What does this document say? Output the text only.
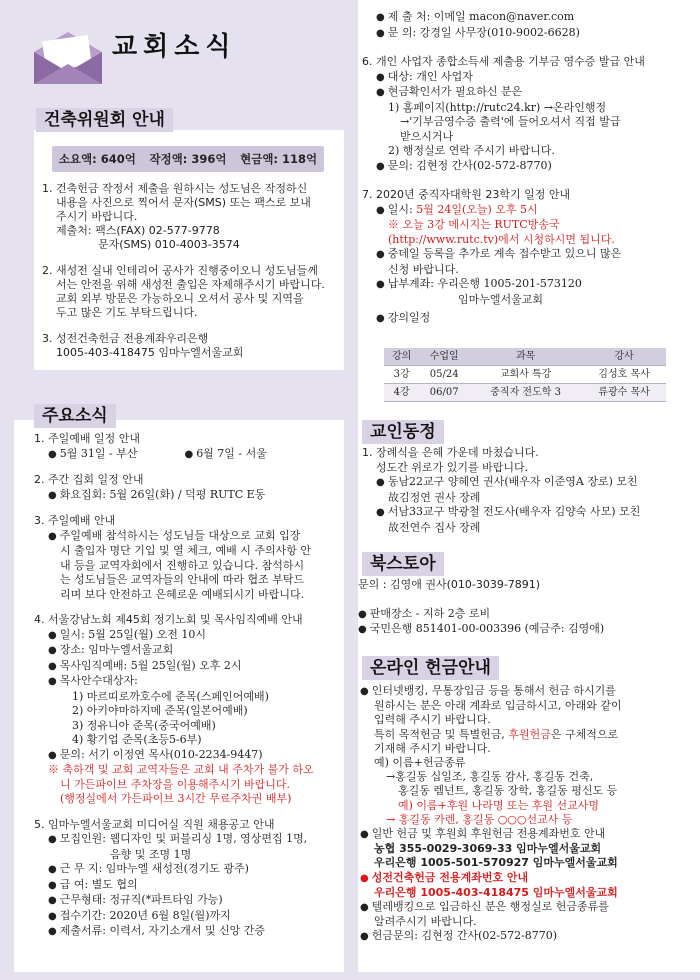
교회소식
건축위원회 안내
소요액: 640억 작정액: 396억 현금액: 118억
1. 건축헌금 작정서 제출을 원하시는 성도님은 작정하신
내용을 사진으로 찍어서 문자(SMS) 또는 팩스로 보내
주시기 바랍니다.
제출처: 팩스(FAX) 02-577-9778
문자(SMS) 010-4003-3574
2. 새성전 실내 인테리어 공사가 진행중이오니 성도님들께
서는 안전을 위해 새성전 출입은 자제해주시기 바랍니다.
교회 외부 방문은 가능하오니 오셔서 공사 및 지역을
두고 많은 기도 부탁드립니다.
3. 성전건축헌금 전용계좌우리은행
1005-403-418475 임마누엘서울교회
주요소식
1. 주일예배 일정 안내
● 5월 31일 - 부산	● 6월 7일 - 서울
2. 주간 집회 일정 안내
● 화요집회: 5월 26일(화) / 덕평 RUTC E동
3. 주일예배 안내
● 주일예배 참석하시는 성도님들 대상으로 교회 입장
시 출입자 명단 기입 및 열 체크, 예배 시 주의사항 안
내 등을 교역자회에서 진행하고 있습니다. 참석하시
는 성도님들은 교역자들의 안내에 따라 협조 부탁드
리며 보다 안전하고 은혜로운 예배되시기 바랍니다.
4. 서울강남노회 제45회 정기노회 및 목사임직예배 안내
● 일시: 5월 25일(월) 오전 10시
● 장소: 임마누엘서울교회
● 목사임직예배: 5월 25일(월) 오후 2시
● 목사안수대상자:
1) 마르띠로까호수에 준목(스페인어예배)
2) 아키야마하지메 준목(일본어예배)
3) 정유니아 준목(중국어예배)
4) 황기업 준목(초등5-6부)
● 문의: 서기 이정연 목사(010-2234-9447)
※ 축하객 및 교회 교역자들은 교회 내 주차가 불가 하오
니 가든파이브 주차장을 이용해주시기 바랍니다.
(행정실에서 가든파이브 3시간 무료주차권 배부)
5. 임마누엘서울교회 미디어실 직원 채용공고 안내
● 모집인원: 웹디자인 및 퍼블리싱 1명, 영상편집 1명,
음향 및 조명 1명
● 근 무 지: 임마누엘 새성전(경기도 광주)
● 급 여: 별도 협의
● 근무형태: 정규직(*파트타임 가능)
● 접수기간: 2020년 6월 8일(월)까지
● 제출서류: 이력서, 자기소개서 및 신앙 간증
● 제 출 처: 이메일 macon@naver.com
● 문 의: 강경일 사무장(010-9002-6628)
6. 개인 사업자 종합소득세 제출용 기부금 영수증 발급 안내
● 대상: 개인 사업자
● 현금확인서가 필요하신 분은
1) 홈페이지(http://rutc24.kr) →온라인행정
→'기부금영수증 출력'에 들어오셔서 직접 발급
받으시거나
2) 행정실로 연락 주시기 바랍니다.
● 문의: 김현정 간사(02-572-8770)
7. 2020년 중직자대학원 23학기 일정 안내
● 일시: 5월 24일(오늘) 오후 5시
※ 오늘 3강 메시지는 RUTC방송국
(http://www.rutc.tv)에서 시청하시면 됩니다.
● 중데일 등록을 추가로 계속 접수받고 있으니 많은
신청 바랍니다.
● 납부계좌: 우리은행 1005-201-573120
임마누엘서울교회
● 강의일정
강의	수업일	과목	강사
3강	05/24	교회사 특강	김성호 목사
4강	06/07	중직자 전도학 3	류광수 목사
교인동정
1. 장례식을 은혜 가운데 마쳤습니다.
성도간 위로가 있기를 바랍니다.
● 동남22교구 양혜연 권사(배우자 이준영A 장로) 모친
故김정연 권사 장례
● 서남33교구 박광철 전도사(배우자 김양숙 사모) 모친
故전연수 집사 장례
북스토아
문의 : 김영애 권사(010-3039-7891)
● 판매장소 - 지하 2층 로비
● 국민은행 851401-00-003396 (예금주: 김영애)
온라인 헌금안내
● 인터넷뱅킹, 무통장입금 등을 통해서 헌금 하시기를
원하시는 분은 아래 계좌로 입금하시고, 아래와 같이
입력해 주시기 바랍니다.
특히 목적헌금 및 특별헌금, 후원헌금은 구체적으로
기재해 주시기 바랍니다.
예) 이름+헌금종류
→홍길동 십일조, 홍길동 감사, 홍길동 건축,
홍길동 렘넌트, 홍길동 장학, 홍길동 평신도 등
예) 이름+후원 나라명 또는 후원 선교사명
→ 홍길동 카렌, 홍길동 ○○○선교사 등
● 일반 헌금 및 후원회 후원헌금 전용계좌번호 안내
농협 355-0029-3069-33 임마누엘서울교회
우리은행 1005-501-570927 임마누엘서울교회
● 성전건축헌금 전용계좌번호 안내
우리은행 1005-403-418475 임마누엘서울교회
● 텔레뱅킹으로 입금하신 분은 행정실로 헌금종류를
알려주시기 바랍니다.
● 헌금문의: 김현정 간사(02-572-8770)
